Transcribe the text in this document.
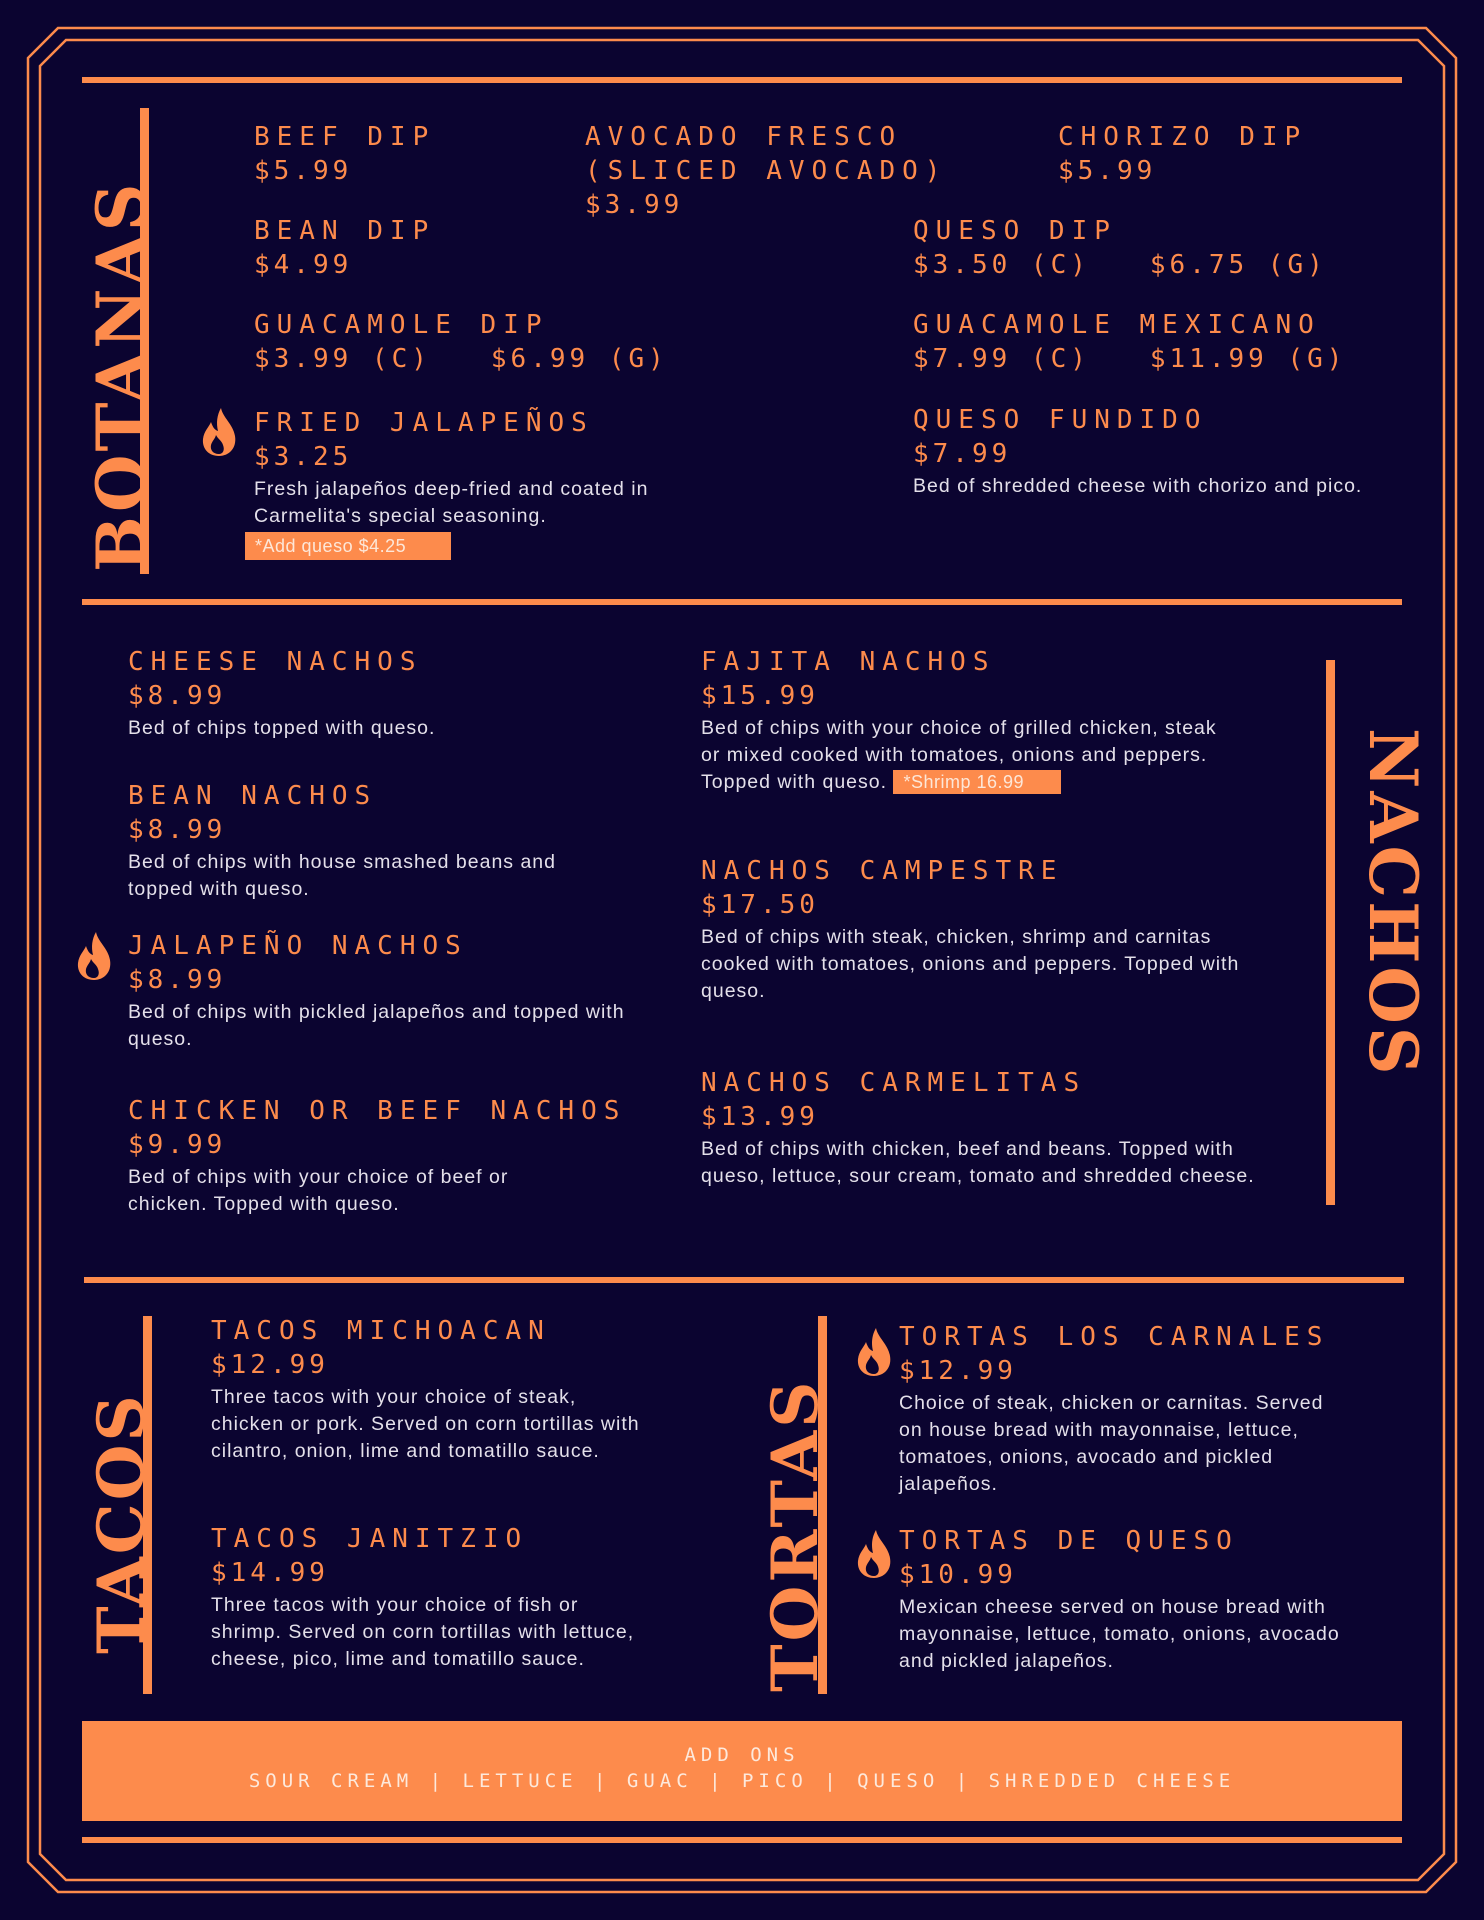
BOTANAS
NACHOS
TACOS	TORTAS
BEEF DIP
$5.99
AVOCADO FRESCO
(SLICED AVOCADO)
$3.99
CHORIZO DIP
$5.99
BEAN DIP
$4.99
QUESO DIP
$3.50 (C) $6.75 (G)
GUACAMOLE DIP
$3.99 (C) $6.99 (G)
GUACAMOLE MEXICANO
$7.99 (C) $11.99 (G)
FRIED JALAPEÑOS
$3.25
Fresh jalapeños deep-fried and coated in Carmelita's special seasoning.
*Add queso $4.25
QUESO FUNDIDO
$7.99
Bed of shredded cheese with chorizo and pico.
CHEESE NACHOS
$8.99
Bed of chips topped with queso.
BEAN NACHOS
$8.99
Bed of chips with house smashed beans and topped with queso.
JALAPEÑO NACHOS
$8.99
Bed of chips with pickled jalapeños and topped with queso.
CHICKEN OR BEEF NACHOS
$9.99
Bed of chips with your choice of beef or chicken. Topped with queso.
FAJITA NACHOS
$15.99
Bed of chips with your choice of grilled chicken, steak or mixed cooked with tomatoes, onions and peppers. Topped with queso. *Shrimp 16.99
NACHOS CAMPESTRE
$17.50
Bed of chips with steak, chicken, shrimp and carnitas cooked with tomatoes, onions and peppers. Topped with queso.
NACHOS CARMELITAS
$13.99
Bed of chips with chicken, beef and beans. Topped with queso, lettuce, sour cream, tomato and shredded cheese.
TACOS MICHOACAN
$12.99
Three tacos with your choice of steak, chicken or pork. Served on corn tortillas with cilantro, onion, lime and tomatillo sauce.
TACOS JANITZIO
$14.99
Three tacos with your choice of fish or shrimp. Served on corn tortillas with lettuce, cheese, pico, lime and tomatillo sauce.
TORTAS LOS CARNALES
$12.99
Choice of steak, chicken or carnitas. Served on house bread with mayonnaise, lettuce, tomatoes, onions, avocado and pickled jalapeños.
TORTAS DE QUESO
$10.99
Mexican cheese served on house bread with mayonnaise, lettuce, tomato, onions, avocado and pickled jalapeños.
ADD ONS
SOUR CREAM | LETTUCE | GUAC | PICO | QUESO | SHREDDED CHEESE
